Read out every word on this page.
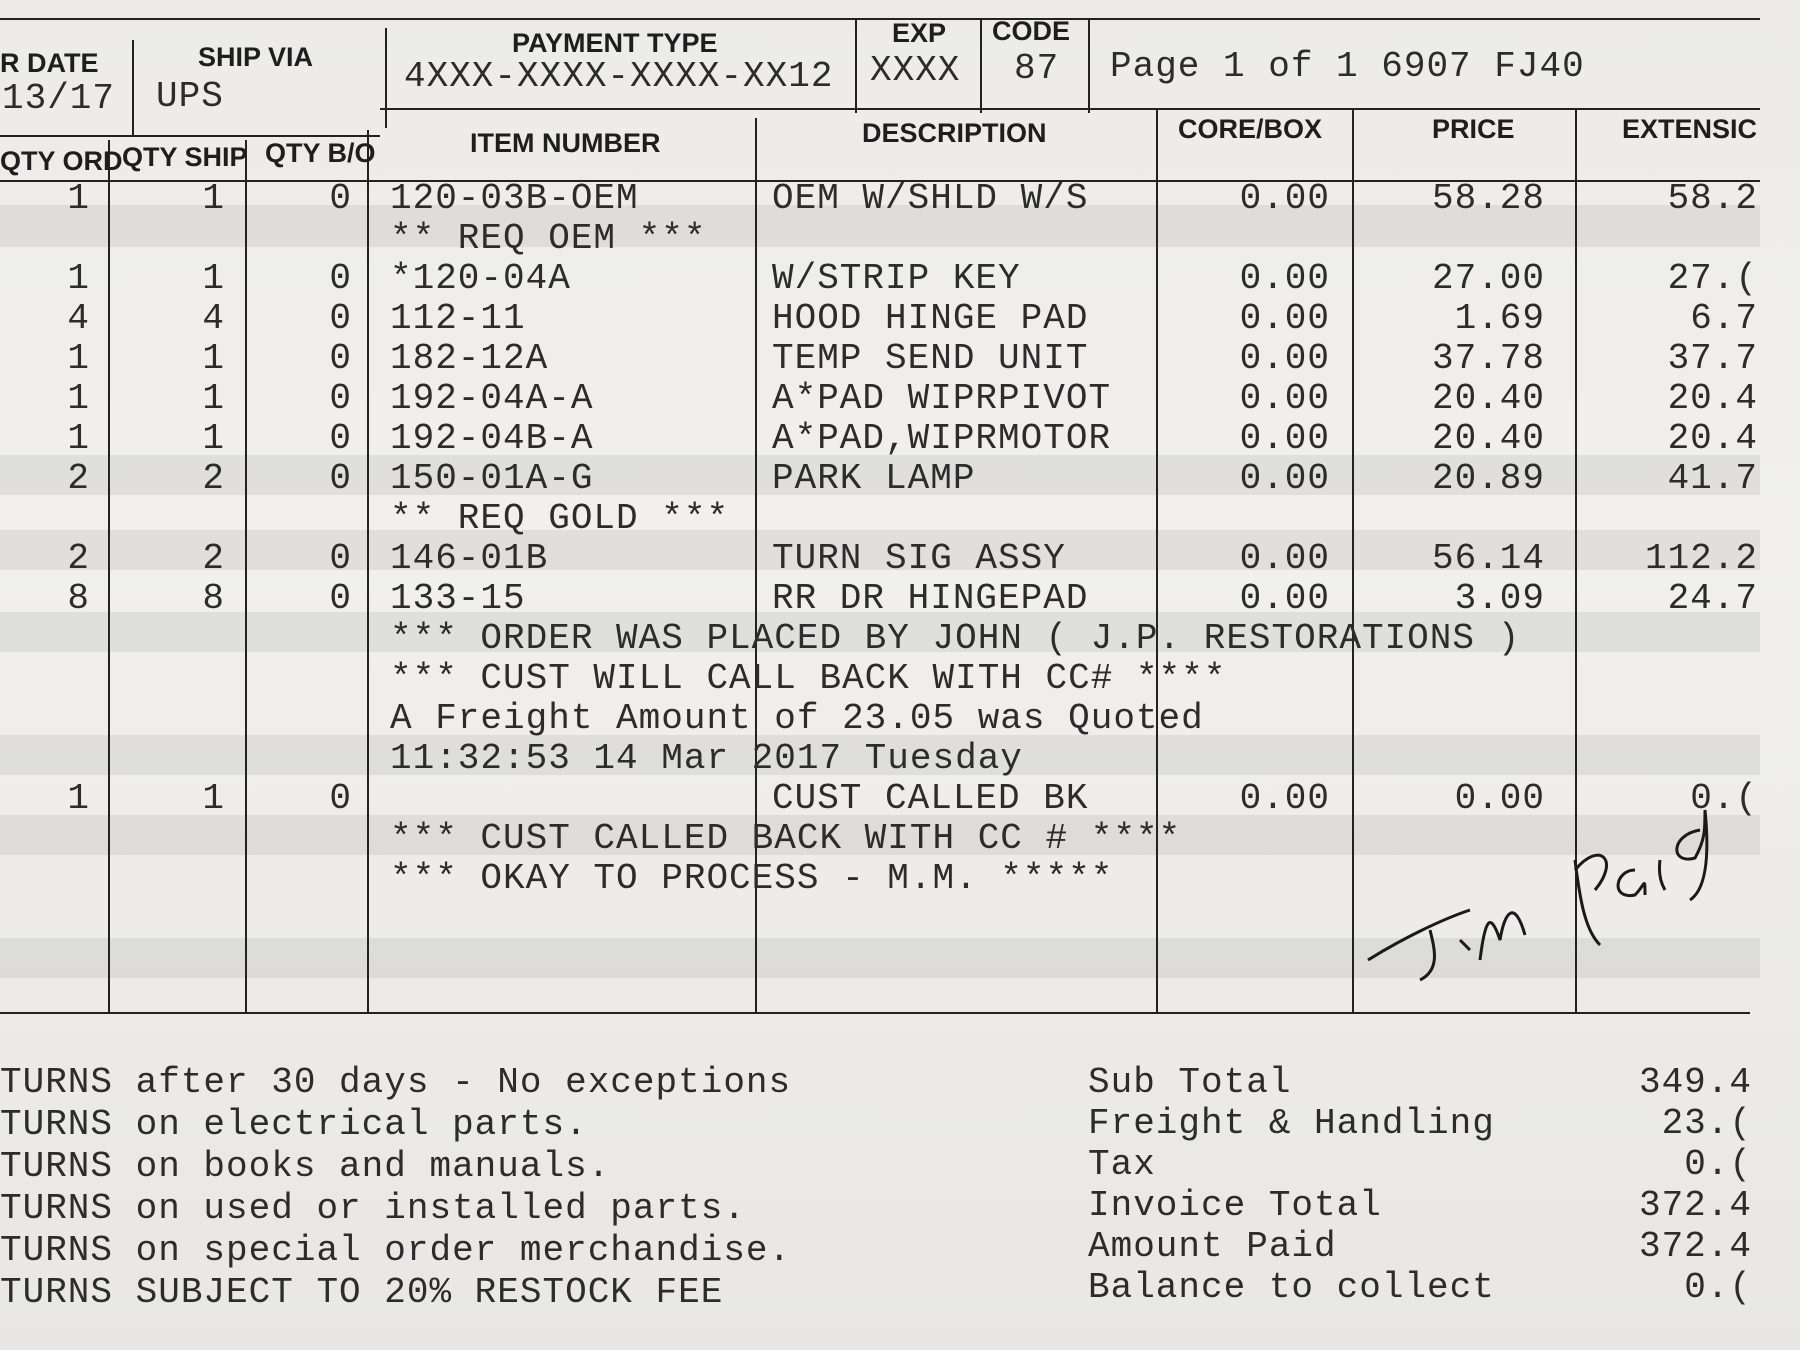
R DATE
13/17
SHIP VIA
UPS
PAYMENT TYPE
4XXX-XXXX-XXXX-XX12
EXP
XXXX
CODE
87 Page 1 of 1 6907 FJ40
QTY ORD QTY SHIP QTY B/O	ITEM NUMBER	DESCRIPTION	CORE/BOX	PRICE	EXTENSIC
1	1	0 120-03B-OEM	OEM W/SHLD W/S	0.00	58.28	58.2
** REQ OEM ***
1	1	0 *120-04A	W/STRIP KEY	0.00	27.00	27.(
4	4	0 112-11	HOOD HINGE PAD	0.00	1.69	6.7
1	1	0 182-12A	TEMP SEND UNIT	0.00	37.78	37.7
1	1	0 192-04A-A	A*PAD WIPRPIVOT	0.00	20.40	20.4
1	1	0 192-04B-A	A*PAD,WIPRMOTOR	0.00	20.40	20.4
2	2	0 150-01A-G	PARK LAMP	0.00	20.89	41.7
** REQ GOLD ***
2	2	0 146-01B	TURN SIG ASSY	0.00	56.14	112.2
8	8	0 133-15	RR DR HINGEPAD	0.00	3.09	24.7
*** ORDER WAS PLACED BY JOHN ( J.P. RESTORATIONS )
*** CUST WILL CALL BACK WITH CC# ****
A Freight Amount of 23.05 was Quoted
11:32:53 14 Mar 2017 Tuesday
1	1	0	CUST CALLED BK	0.00	0.00	0.(
*** CUST CALLED BACK WITH CC # ****
*** OKAY TO PROCESS - M.M. *****
TURNS after 30 days - No exceptions
TURNS on electrical parts.
TURNS on books and manuals.
TURNS on used or installed parts.
TURNS on special order merchandise.
TURNS SUBJECT TO 20% RESTOCK FEE
Sub Total	349.4
Freight & Handling	23.(
Tax	0.(
Invoice Total	372.4
Amount Paid	372.4
Balance to collect	0.(
